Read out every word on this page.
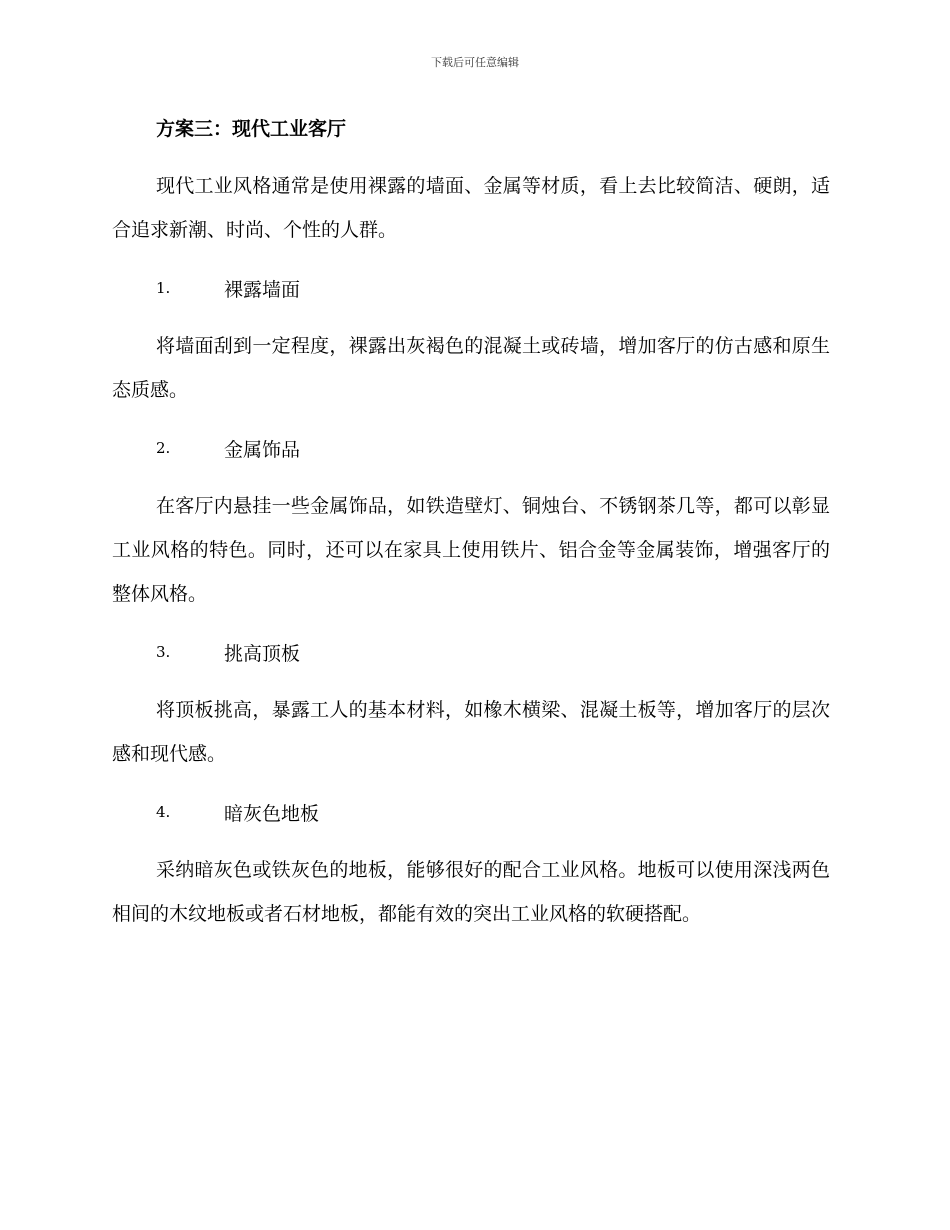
下载后可任意编辑
方案三：现代工业客厅

现代工业风格通常是使用裸露的墙面、金属等材质，看上去比较简洁、硬朗，适合追求新潮、时尚、个性的人群。

1.	裸露墙面

将墙面刮到一定程度，裸露出灰褐色的混凝土或砖墙，增加客厅的仿古感和原生态质感。

2.	金属饰品

在客厅内悬挂一些金属饰品，如铁造壁灯、铜烛台、不锈钢茶几等，都可以彰显工业风格的特色。同时，还可以在家具上使用铁片、铝合金等金属装饰，增强客厅的整体风格。

3.	挑高顶板

将顶板挑高，暴露工人的基本材料，如橡木横梁、混凝土板等，增加客厅的层次感和现代感。

4.	暗灰色地板

采纳暗灰色或铁灰色的地板，能够很好的配合工业风格。地板可以使用深浅两色相间的木纹地板或者石材地板，都能有效的突出工业风格的软硬搭配。
